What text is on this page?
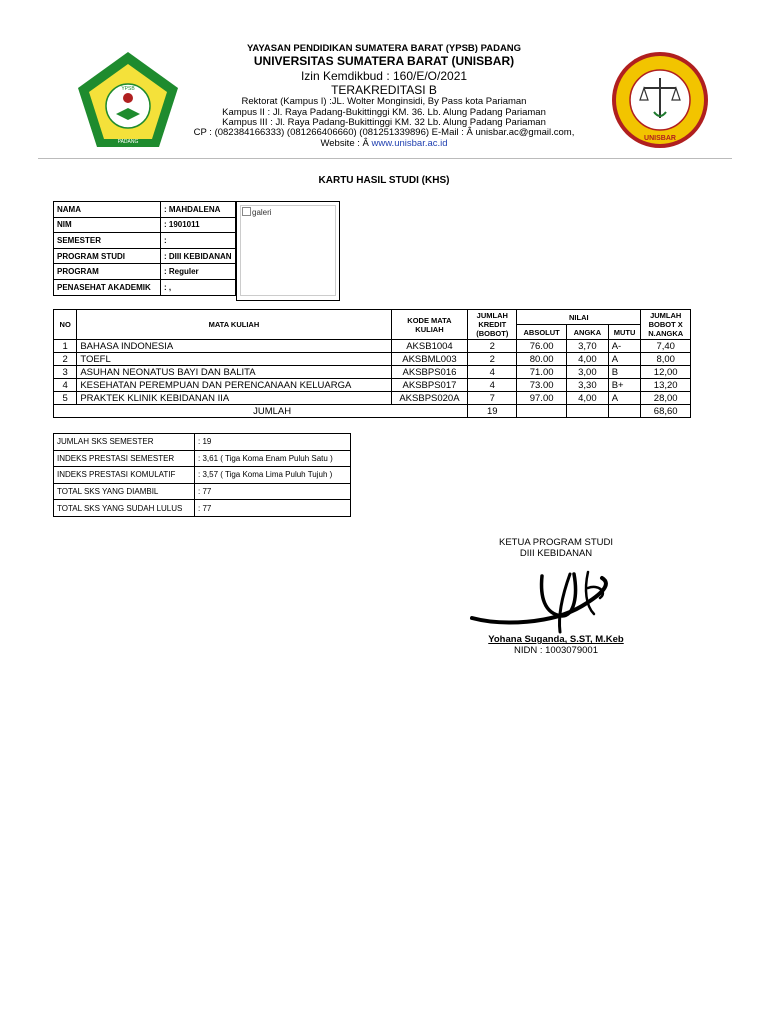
YPSB
PADANG	UNISBAR
YAYASAN PENDIDIKAN SUMATERA BARAT (YPSB) PADANG
UNIVERSITAS SUMATERA BARAT (UNISBAR)
Izin Kemdikbud : 160/E/O/2021
TERAKREDITASI B
Rektorat (Kampus I) :JL. Wolter Monginsidi, By Pass kota Pariaman
Kampus II : Jl. Raya Padang-Bukittinggi KM. 36. Lb. Alung Padang Pariaman
Kampus III : Jl. Raya Padang-Bukittinggi KM. 32 Lb. Alung Padang Pariaman
CP : (082384166333) (081266406660) (081251339896) E-Mail : Â unisbar.ac@gmail.com,
Website : Â www.unisbar.ac.id
KARTU HASIL STUDI (KHS)
NAMA	: MAHDALENA
NIM	: 1901011
SEMESTER	:
PROGRAM STUDI	: DIII KEBIDANAN
PROGRAM	: Reguler
PENASEHAT AKADEMIK	: ,
galeri
NO	MATA KULIAH	KODE MATA KULIAH	JUMLAH KREDIT (BOBOT)	NILAI			JUMLAH BOBOT X N.ANGKA
				ABSOLUT	ANGKA	MUTU	
1	BAHASA INDONESIA	AKSB1004	2	76.00	3,70	A-	7,40
2	TOEFL	AKSBML003	2	80.00	4,00	A	8,00
3	ASUHAN NEONATUS BAYI DAN BALITA	AKSBPS016	4	71.00	3,00	B	12,00
4	KESEHATAN PEREMPUAN DAN PERENCANAAN KELUARGA	AKSBPS017	4	73.00	3,30	B+	13,20
5	PRAKTEK KLINIK KEBIDANAN IIA	AKSBPS020A	7	97.00	4,00	A	28,00
	JUMLAH		19				68,60
JUMLAH SKS SEMESTER	: 19
INDEKS PRESTASI SEMESTER	: 3,61 ( Tiga Koma Enam Puluh Satu )
INDEKS PRESTASI KOMULATIF	: 3,57 ( Tiga Koma Lima Puluh Tujuh )
TOTAL SKS YANG DIAMBIL	: 77
TOTAL SKS YANG SUDAH LULUS	: 77
KETUA PROGRAM STUDI
DIII KEBIDANAN
Yohana Suganda, S.ST, M.Keb
NIDN : 1003079001
